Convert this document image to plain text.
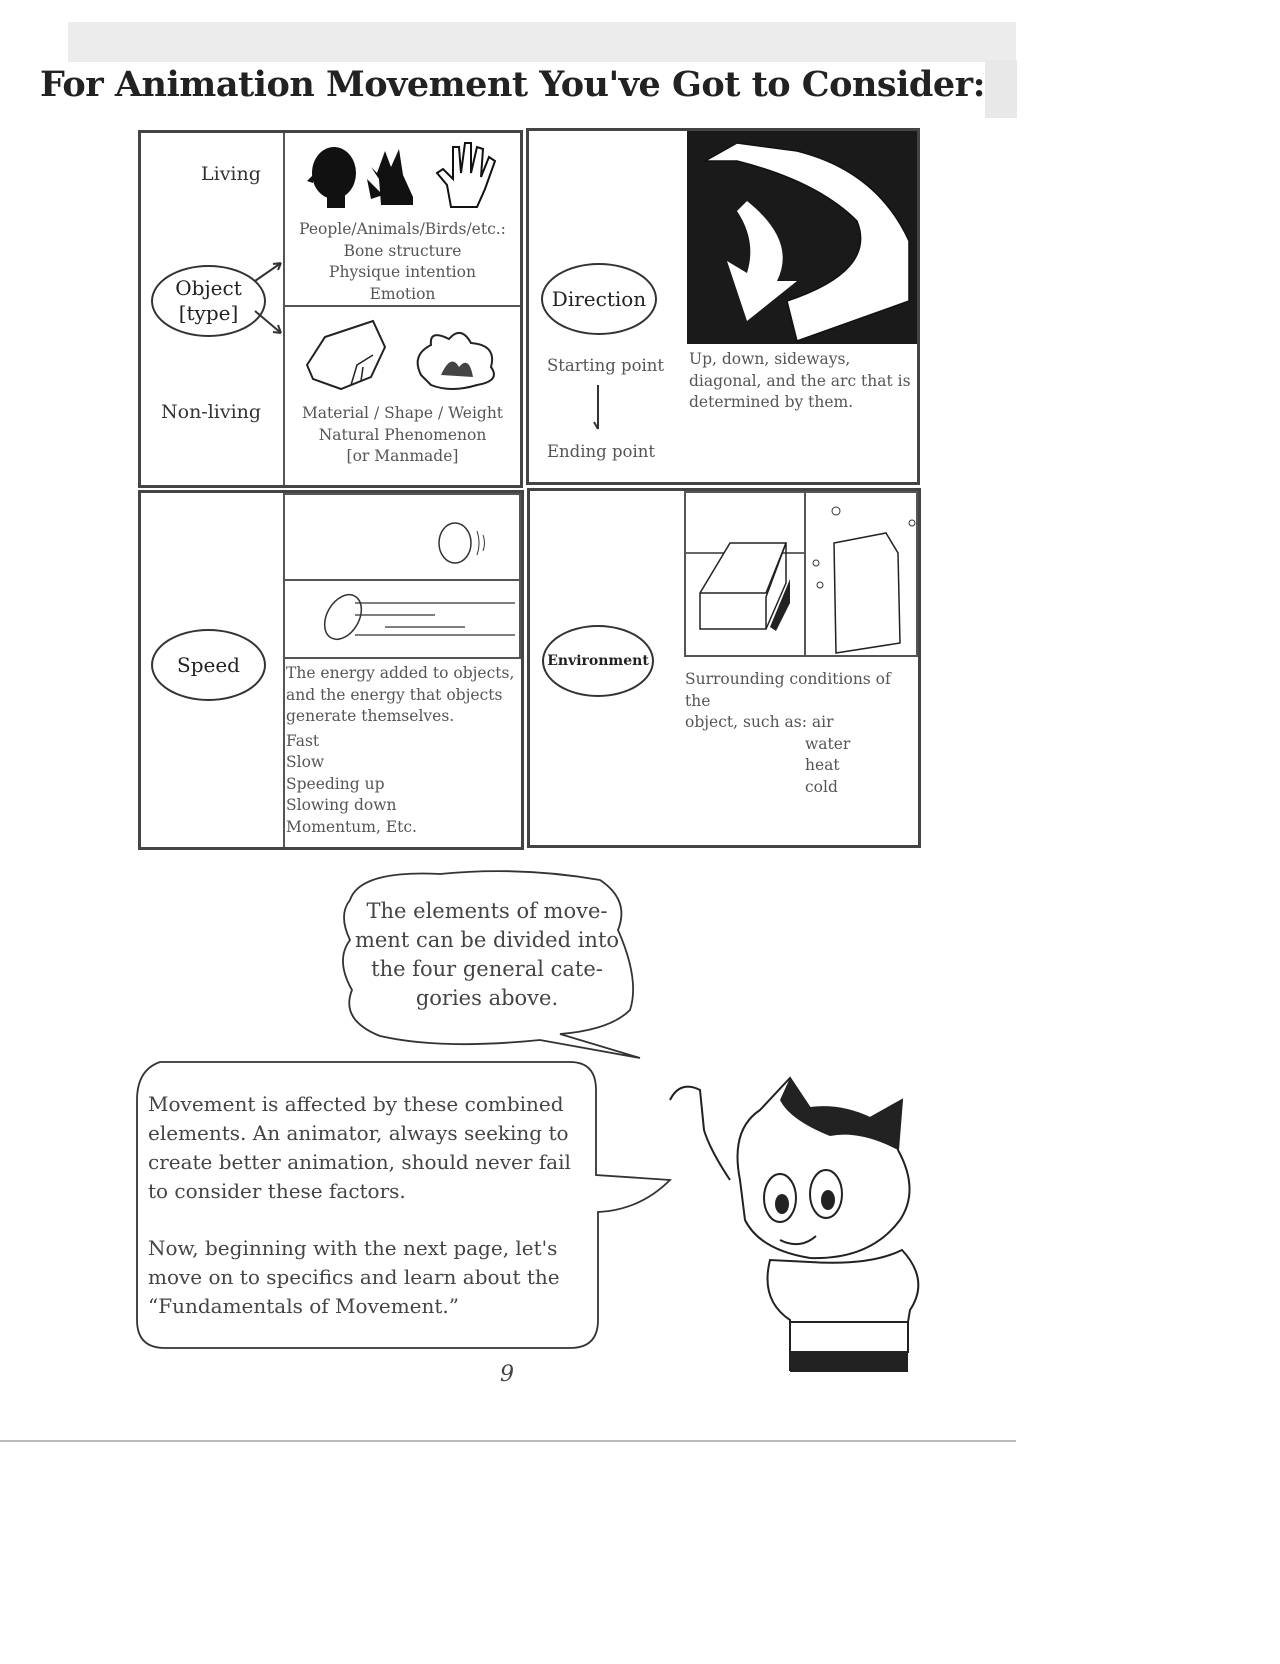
For Animation Movement You've Got to Consider:
Living
Non-living
Object
[type]
People/Animals/Birds/etc.:
Bone structure
Physique intention
Emotion
Material / Shape / Weight
Natural Phenomenon
[or Manmade]
Direction
Starting point
Ending point
Up, down, sideways,
diagonal, and the arc that is
determined by them.
Speed	The energy added to objects,
and the energy that objects
generate themselves.
Fast
Slow
Speeding up
Slowing down
Momentum, Etc.
Environment
Surrounding conditions of the
object, such as: air
water
heat
cold
The elements of move-
ment can be divided into
the four general cate-
gories above.
Movement is affected by these combined
elements. An animator, always seeking to
create better animation, should never fail
to consider these factors.
Now, beginning with the next page, let's
move on to specifics and learn about the
“Fundamentals of Movement.”
9
